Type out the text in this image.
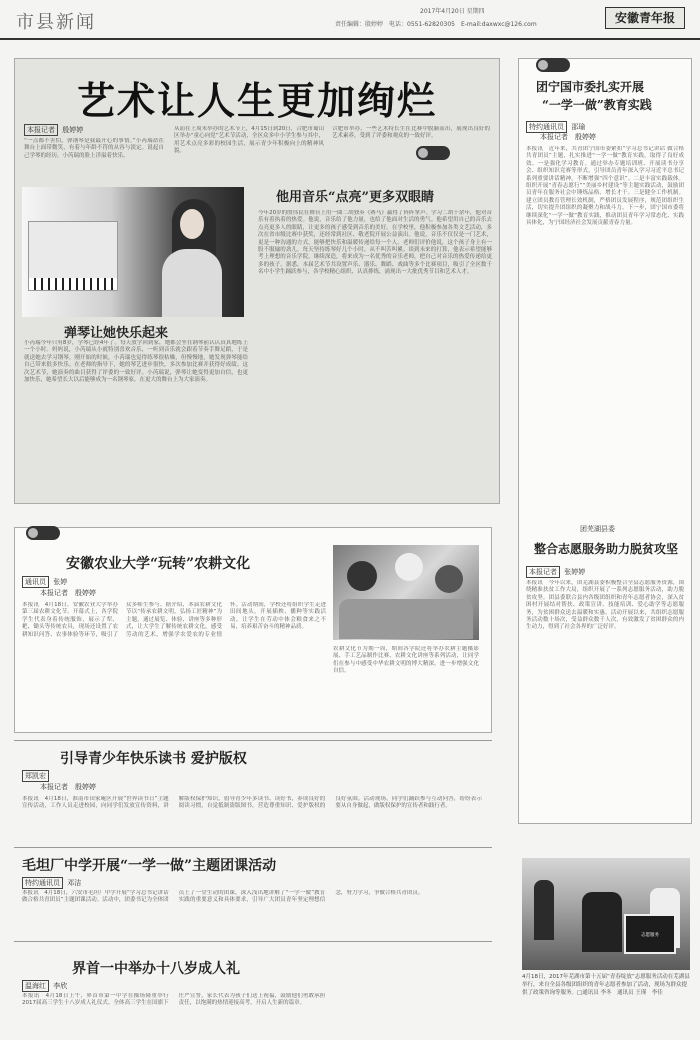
市县新闻
2017年4月20日 星期四
责任编辑：殷婷婷　电话：0551-62820305　E-mail:daxwxc@126.com	安徽青年报
艺术让人生更加绚烂
本报记者 殷婷婷
“一点都不害怕，弹钢琴是我最开心的事情。”小芮瑞站在舞台上面带微笑，有着与年龄不符的从容与淡定。说起自己学琴的经历，小芮瑞的脸上洋溢着快乐。
从而在上周末举办的艺术节上，4月15日到20日，合肥市蜀山区举办“童心向党”艺术节活动，全区众多中小学生参与其中，用艺术点亮多彩的校园生活，展示青少年积极向上的精神风貌。
合肥市举办，一些艺术特长生在比赛中脱颖而出，展现出良好的艺术素养，受到了评委和观众的一致好评。
弹琴让她快乐起来
小芮瑞今年只有8岁，学琴已经4年了。每天放学回到家，她都会坐在钢琴前认认真真地练上一个小时。妈妈说，小芮瑞从小就特别喜欢音乐，一听到音乐就会跟着节奏手舞足蹈，于是就送她去学习钢琴。刚开始的时候，小芮瑞也觉得练琴很枯燥，但慢慢地，她发现弹琴能给自己带来很多快乐。在老师的指导下，她的琴艺进步很快，多次参加比赛并获得好成绩。这次艺术节，她演奏的曲目获得了评委的一致好评。小芮瑞说，弹琴让她变得更加自信，也更加快乐，她希望长大以后能够成为一名钢琴家，在更大的舞台上为大家演奏。
他用音乐“点亮”更多双眼睛
今年20岁的殷伟民在舞台上用一曲二胡独奏《赛马》赢得了阵阵掌声。学习二胡十余年，他对音乐有着执着的热爱。他说，音乐给了他力量，也给了他面对生活的勇气。他希望用自己的音乐去点亮更多人的眼睛，让更多的孩子感受到音乐的美好。在学校里，他积极参加各类文艺活动，多次在省市级比赛中获奖，还经常到社区、敬老院开展公益演出。他说，音乐不仅仅是一门艺术，更是一种沟通的方式，能够把快乐和温暖传递给每一个人。老师们评价他说，这个孩子身上有一股不服输的劲儿，每天坚持练琴好几个小时，从不叫苦叫累。谈到未来的打算，他表示希望能够考上理想的音乐学院，继续深造，将来成为一名优秀的音乐老师，把自己对音乐的热爱传递给更多的孩子。据悉，本届艺术节共设置声乐、器乐、舞蹈、戏曲等多个比赛项目，吸引了全区数千名中小学生踊跃参与，各学校精心组织、认真排练，涌现出一大批优秀节目和艺术人才。
安徽农业大学“玩转”农耕文化
通讯员 张婷
本报记者　殷婷婷
本报讯　4月18日，安徽农业大学举办第三届农耕文化节。开幕式上，各学院学生代表身着传统服饰，展示了犁、耙、锄头等传统农具，现场还设置了农耕知识问答、农事体验等环节，吸引了众多师生参与。据介绍，本届农耕文化节以“传承农耕文明，弘扬工匠精神”为主题，通过展览、体验、讲座等多种形式，让大学生了解传统农耕文化，感受劳动的艺术，增强学农爱农的专业情怀。活动期间，学校还将组织学生走进田间地头，开展插秧、播种等实践活动，让学生在劳动中体会粮食来之不易，培养艰苦奋斗的精神品质。
农耕文化节为期一周，期间各学院还将举办农耕主题摄影展、手工艺品制作比赛、农耕文化讲座等系列活动，让同学们在参与中感受中华农耕文明的博大精深，进一步增强文化自信。
引导青少年快乐读书 爱护版权
郑凯宏
本报记者　殷婷婷
本报讯　4月18日，淮南市田家庵区开展“世界读书日”主题宣传活动，工作人员走进校园，向同学们发放宣传资料，讲解版权保护知识，倡导青少年多读书、读好书，养成良好的阅读习惯，自觉抵制盗版图书，营造尊重知识、爱护版权的良好氛围。活动现场，同学们踊跃参与互动问答，纷纷表示要从自身做起，做版权保护的宣传者和践行者。
毛坦厂中学开展“一学一做”主题团课活动
特约通讯员 邓洁
本报讯　4月18日，六安市毛坦厂中学开展“学习总书记讲话 做合格共青团员”主题团课活动。活动中，团委书记为全体团员上了一堂生动的团课，深入浅出地讲解了“一学一做”教育实践的重要意义和具体要求，引导广大团员青年坚定理想信念，努力学习，争做合格共青团员。
界首一中举办十八岁成人礼
温海红 李欣
本报讯　4月18日上午，界首市第一中学在操场隆重举行2017届高三学生十八岁成人礼仪式。全体高三学生在国旗下庄严宣誓，家长代表为孩子们送上祝福，鼓励他们勇敢承担责任，以饱满的热情迎接高考，开启人生新的篇章。
团宁国市委扎实开展
“一学一做”教育实践
特约通讯员 邵瑜
本报记者　殷婷婷
本报讯　近年来，共青团宁国市委紧扣“学习总书记讲话 做合格共青团员”主题，扎实推进“一学一做”教育实践，取得了良好成效。一是强化学习教育。通过举办专题培训班、开展读书分享会、组织知识竞赛等形式，引导团员青年深入学习习近平总书记系列重要讲话精神，不断增强“四个意识”。二是丰富实践载体。组织开展“青春志愿行”“美丽乡村建设”等主题实践活动，鼓励团员青年在服务社会中锤炼品格、增长才干。三是健全工作机制。建立团员教育管理长效机制，严格团员发展程序，规范团组织生活，切实提升团组织的凝聚力和战斗力。下一步，团宁国市委将继续深化“一学一做”教育实践，推动团员青年学习常态化、实践具体化，为宁国经济社会发展贡献青春力量。
团芜湖县委
整合志愿服务助力脱贫攻坚
本报记者 张婷婷
本报讯　今年以来，团芜湖县委积极整合全县志愿服务资源，围绕精准扶贫工作大局，组织开展了一系列志愿服务活动，助力脱贫攻坚。团县委联合县内各级团组织和青年志愿者协会，深入贫困村开展结对帮扶、政策宣讲、技能培训、爱心助学等志愿服务，为贫困群众送去温暖和实惠。活动开展以来，共组织志愿服务活动数十场次，受益群众数千人次，有效激发了贫困群众的内生动力，得到了社会各界的广泛好评。
志愿服务
4月18日，2017年芜湖市第十五届“青春绽放”志愿服务活动在芜湖县举行，来自全县各级团组织的青年志愿者参加了活动，现场为群众提供了政策咨询等服务。□通讯员 李冬　通讯员 王瑾　李佳
